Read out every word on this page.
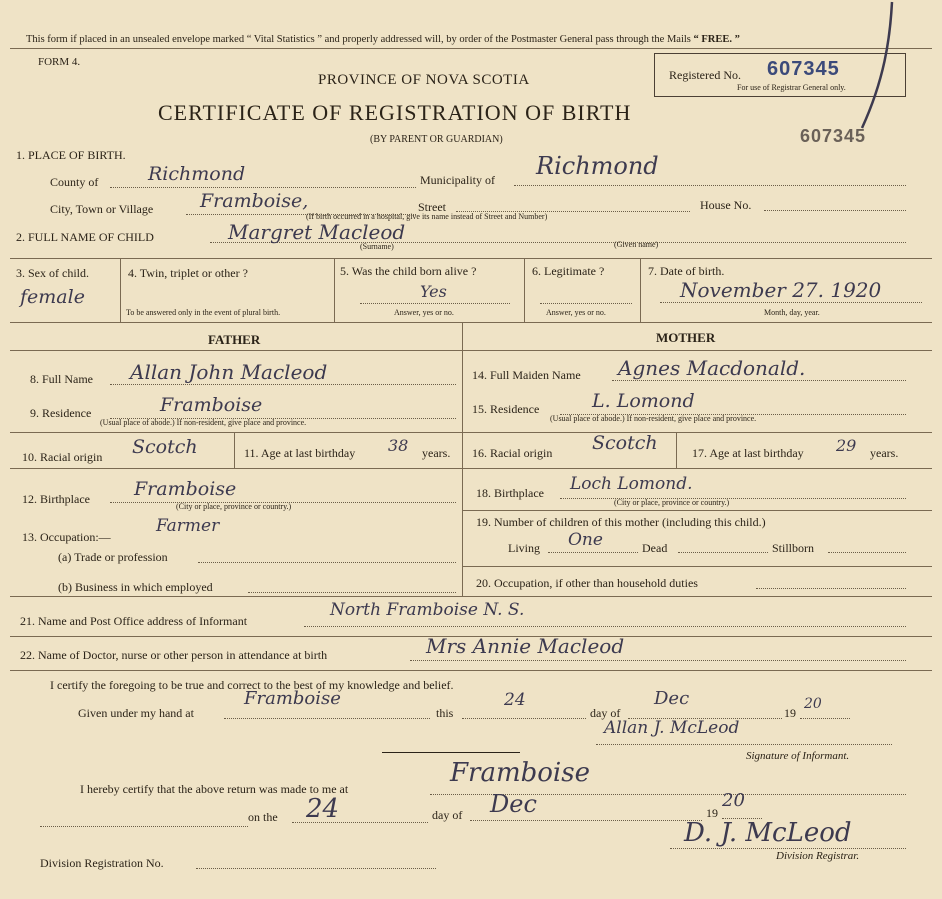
This form if placed in an unsealed envelope marked “ Vital Statistics ” and properly addressed will, by order of the Postmaster General pass through the Mails “ FREE. ”
FORM 4.
PROVINCE OF NOVA SCOTIA
CERTIFICATE OF REGISTRATION OF BIRTH
(BY PARENT OR GUARDIAN)
Registered No. 607345
For use of Registrar General only.
607345
1. PLACE OF BIRTH.
County of	Richmond	Municipality of Richmond
City, Town or Village Framboise,	Street
(If birth occurred in a hospital, give its name instead of Street and Number)
House No.
2. FULL NAME OF CHILD	Margret Macleod
(Surname)	(Given name)
3. Sex of child.
female
4. Twin, triplet or other ?
To be answered only in the event of plural birth.
5. Was the child born alive ?
Yes
Answer, yes or no.
6. Legitimate ?
Answer, yes or no.
7. Date of birth.
November 27. 1920
Month, day, year.
FATHER	MOTHER
8. Full Name Allan John Macleod
9. Residence	Framboise
(Usual place of abode.) If non-resident, give place and province.
10. Racial origin Scotch	11. Age at last birthday 38 years.
12. Birthplace Framboise
(City or place, province or country.)
13. Occupation:—
Farmer
(a) Trade or profession
(b) Business in which employed
14. Full Maiden Name Agnes Macdonald.
15. Residence	L. Lomond
(Usual place of abode.) If non-resident, give place and province.
16. Racial origin Scotch	17. Age at last birthday 29 years.
18. Birthplace Loch Lomond.
(City or place, province or country.)
19. Number of children of this mother (including this child.)
Living One	Dead	Stillborn
20. Occupation, if other than household duties
21. Name and Post Office address of Informant
North Framboise N. S.
22. Name of Doctor, nurse or other person in attendance at birth	Mrs Annie Macleod
I certify the foregoing to be true and correct to the best of my knowledge and belief.
Given under my hand at
Framboise
this
24
day of
Dec
19
20
Allan J. McLeod
Signature of Informant.
I hereby certify that the above return was made to me at
Framboise
on the 24	day of Dec	19
20
Division Registration No.
D. J. McLeod
Division Registrar.
